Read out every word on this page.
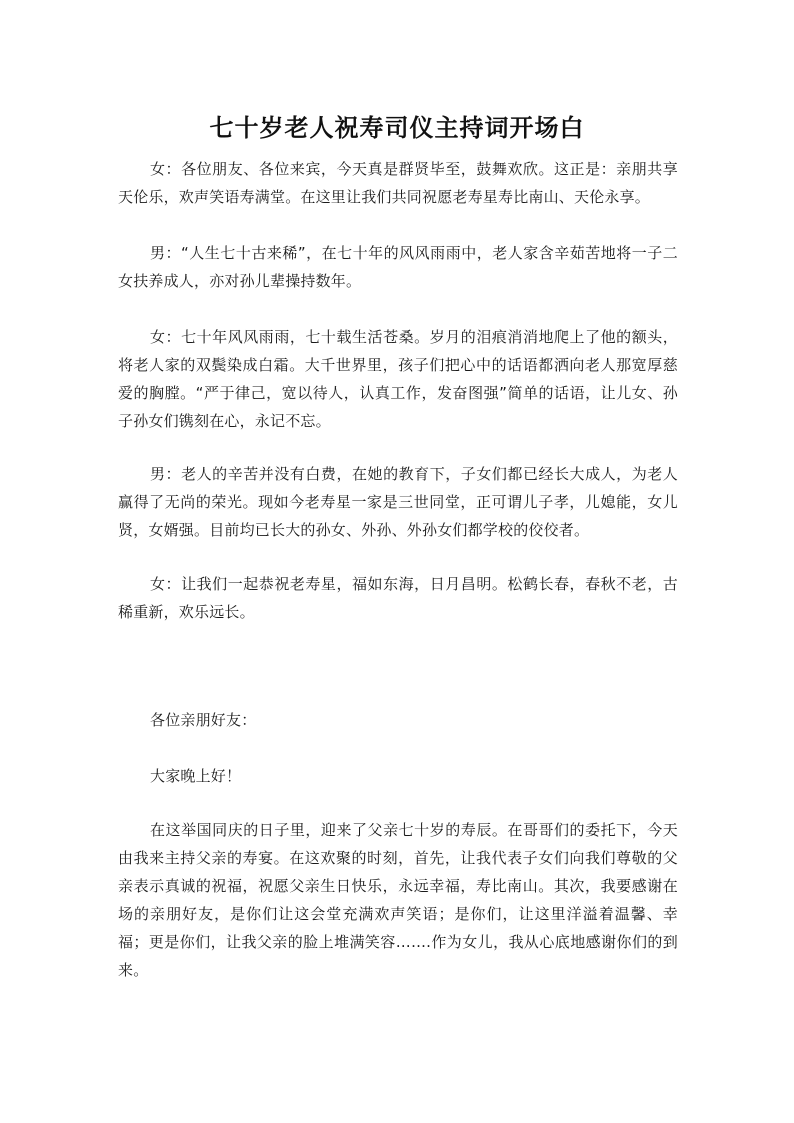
七十岁老人祝寿司仪主持词开场白

女：各位朋友、各位来宾，今天真是群贤毕至，鼓舞欢欣。这正是：亲朋共享天伦乐，欢声笑语寿满堂。在这里让我们共同祝愿老寿星寿比南山、天伦永享。

男：“人生七十古来稀”，在七十年的风风雨雨中，老人家含辛茹苦地将一子二女扶养成人，亦对孙儿辈操持数年。

女：七十年风风雨雨，七十载生活苍桑。岁月的泪痕消消地爬上了他的额头，将老人家的双鬓染成白霜。大千世界里，孩子们把心中的话语都洒向老人那宽厚慈爱的胸膛。“严于律己，宽以待人，认真工作，发奋图强”简单的话语，让儿女、孙子孙女们镌刻在心，永记不忘。

男：老人的辛苦并没有白费，在她的教育下，子女们都已经长大成人，为老人赢得了无尚的荣光。现如今老寿星一家是三世同堂，正可谓儿子孝，儿媳能，女儿贤，女婿强。目前均已长大的孙女、外孙、外孙女们都学校的佼佼者。

女：让我们一起恭祝老寿星，福如东海，日月昌明。松鹤长春，春秋不老，古稀重新，欢乐远长。

各位亲朋好友：

大家晚上好！

在这举国同庆的日子里，迎来了父亲七十岁的寿辰。在哥哥们的委托下，今天由我来主持父亲的寿宴。在这欢聚的时刻，首先，让我代表子女们向我们尊敬的父亲表示真诚的祝福，祝愿父亲生日快乐，永远幸福，寿比南山。其次，我要感谢在场的亲朋好友，是你们让这会堂充满欢声笑语；是你们，让这里洋溢着温馨、幸福；更是你们，让我父亲的脸上堆满笑容…….作为女儿，我从心底地感谢你们的到来。
